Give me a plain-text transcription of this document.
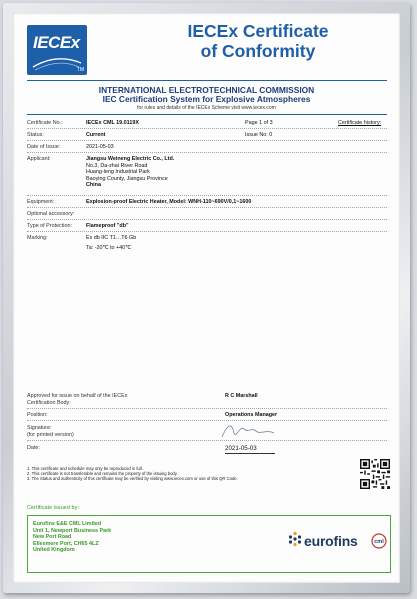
IECEx
TM
IECEx Certificate
of Conformity
INTERNATIONAL ELECTROTECHNICAL COMMISSION
IEC Certification System for Explosive Atmospheres
for rules and details of the IECEx Scheme visit www.iecex.com
Certificate No.:	IECEx CML 19.0119X	Page 1 of 3	Certificate history:
Status:	Current	Issue No: 0
Date of Issue:	2021-05-03
Applicant:	Jiangsu Weineng Electric Co., Ltd.
No.3, Da-zhai River Road
Huang-leng Industrial Park
Baoying County, Jiangsu Province
China
Equipment:	Explosion-proof Electric Heater, Model: WNH-110~690V/0,1~1600
Optional accessory:
Type of Protection:	Flameproof "db"
Marking:	Ex db IIC T1…T6 Gb
Ta: -20℃ to +40℃
Approved for issue on behalf of the IECEx
Certification Body:
R C Marshall
Position:	Operations Manager
Signature:
(for printed version)
Date:	2021-05-03
1. This certificate and schedule may only be reproduced in full.
2. This certificate is not transferable and remains the property of the issuing body.
3. The Status and authenticity of this certificate may be verified by visiting www.iecex.com or use of this QR Code.
Certificate issued by:
Eurofins E&E CML Limited
Unit 1, Newport Business Park
New Port Road
Ellesmere Port, CH65 4LZ
United Kingdom
eurofins	cml
